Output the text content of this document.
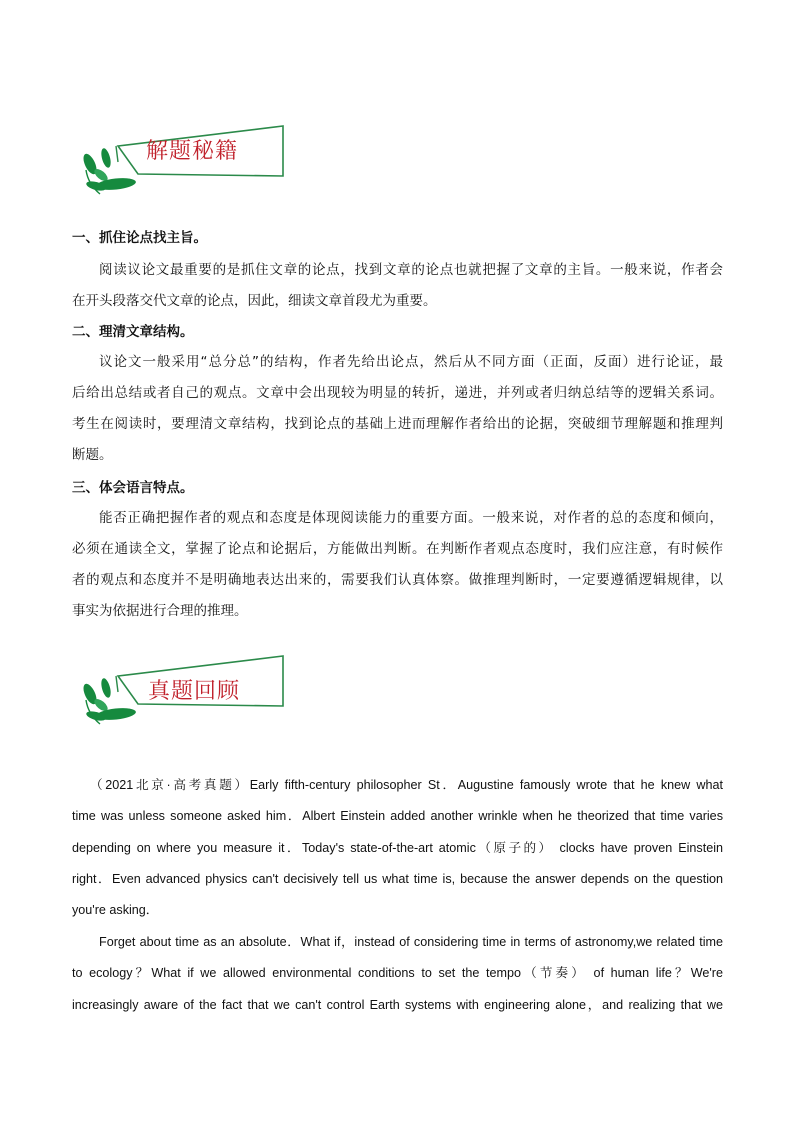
解题秘籍
一、抓住论点找主旨。
阅读议论文最重要的是抓住文章的论点，找到文章的论点也就把握了文章的主旨。一般来说，作者会
在开头段落交代文章的论点，因此，细读文章首段尤为重要。
二、理清文章结构。
议论文一般采用“总分总”的结构，作者先给出论点，然后从不同方面（正面，反面）进行论证，最
后给出总结或者自己的观点。文章中会出现较为明显的转折，递进，并列或者归纳总结等的逻辑关系词。
考生在阅读时，要理清文章结构，找到论点的基础上进而理解作者给出的论据，突破细节理解题和推理判
断题。
三、体会语言特点。
能否正确把握作者的观点和态度是体现阅读能力的重要方面。一般来说，对作者的总的态度和倾向，
必须在通读全文，掌握了论点和论据后，方能做出判断。在判断作者观点态度时，我们应注意，有时候作
者的观点和态度并不是明确地表达出来的，需要我们认真体察。做推理判断时，一定要遵循逻辑规律，以
事实为依据进行合理的推理。
真题回顾
（2021北京·高考真题）Early fifth-century philosopher St．Augustine famously wrote that he knew what
time was unless someone asked him．Albert Einstein added another wrinkle when he theorized that time varies
depending on where you measure it．Today's state-of-the-art atomic（原子的） clocks have proven Einstein
right．Even advanced physics can't decisively tell us what time is, because the answer depends on the question
you're asking．
Forget about time as an absolute．What if，instead of considering time in terms of astronomy,we related time
to ecology？What if we allowed environmental conditions to set the tempo（节奏） of human life？We're
increasingly aware of the fact that we can't control Earth systems with engineering alone，and realizing that we
